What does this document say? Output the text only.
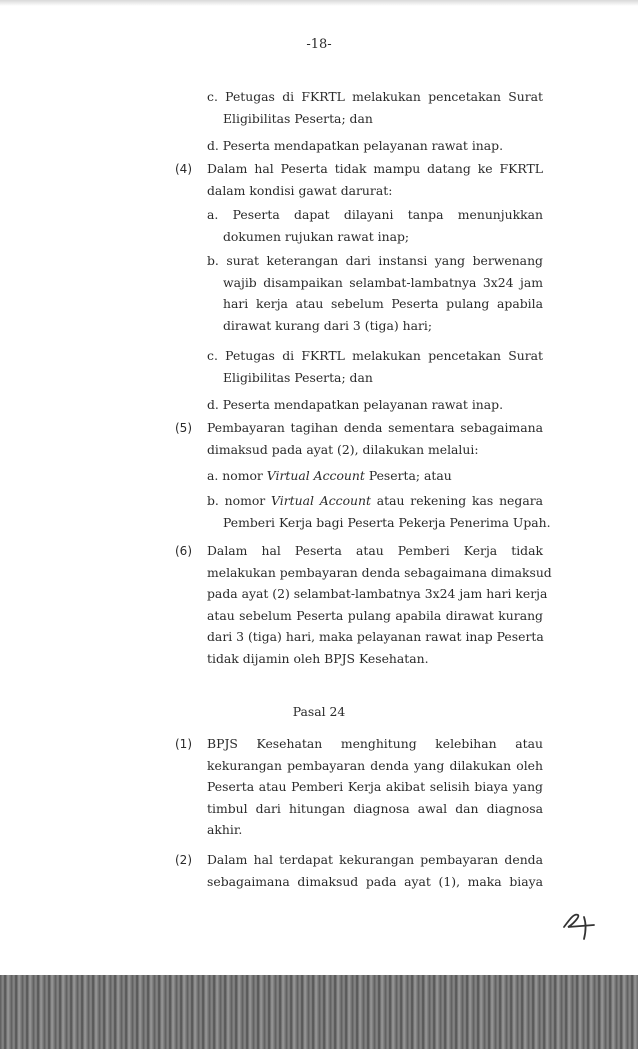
-18-
c. Petugas di FKRTL melakukan pencetakan Surat
Eligibilitas Peserta; dan
d. Peserta mendapatkan pelayanan rawat inap.
(4) Dalam hal Peserta tidak mampu datang ke FKRTL
dalam kondisi gawat darurat:
a. Peserta dapat dilayani tanpa menunjukkan
dokumen rujukan rawat inap;
b. surat keterangan dari instansi yang berwenang
wajib disampaikan selambat-lambatnya 3x24 jam
hari kerja atau sebelum Peserta pulang apabila
dirawat kurang dari 3 (tiga) hari;
c. Petugas di FKRTL melakukan pencetakan Surat
Eligibilitas Peserta; dan
d. Peserta mendapatkan pelayanan rawat inap.
(5) Pembayaran tagihan denda sementara sebagaimana
dimaksud pada ayat (2), dilakukan melalui:
a. nomor Virtual Account Peserta; atau
b. nomor Virtual Account atau rekening kas negara
Pemberi Kerja bagi Peserta Pekerja Penerima Upah.
(6) Dalam hal Peserta atau Pemberi Kerja tidak
melakukan pembayaran denda sebagaimana dimaksud
pada ayat (2) selambat-lambatnya 3x24 jam hari kerja
atau sebelum Peserta pulang apabila dirawat kurang
dari 3 (tiga) hari, maka pelayanan rawat inap Peserta
tidak dijamin oleh BPJS Kesehatan.
Pasal 24
(1) BPJS Kesehatan menghitung kelebihan atau
kekurangan pembayaran denda yang dilakukan oleh
Peserta atau Pemberi Kerja akibat selisih biaya yang
timbul dari hitungan diagnosa awal dan diagnosa
akhir.
(2) Dalam hal terdapat kekurangan pembayaran denda
sebagaimana dimaksud pada ayat (1), maka biaya
